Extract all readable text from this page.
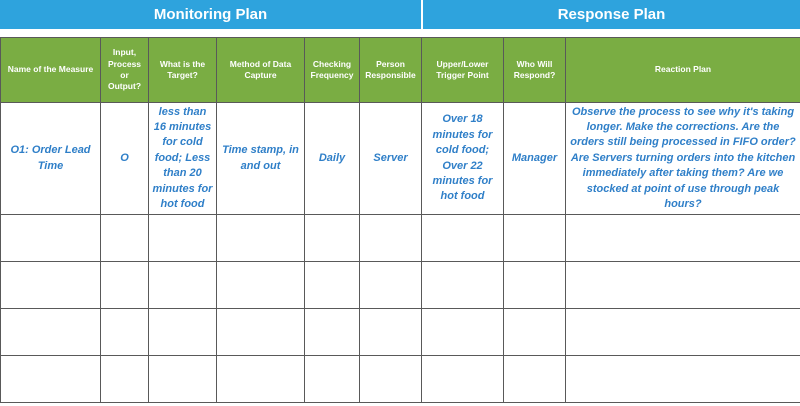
Monitoring Plan	Response Plan
Name of the Measure	Input, Process or Output?	What is the Target?	Method of Data Capture	Checking Frequency	Person Responsible	Upper/Lower Trigger Point	Who Will Respond?	Reaction Plan
O1: Order Lead Time	O	less than 16 minutes for cold food; Less than 20 minutes for hot food	Time stamp, in and out	Daily	Server	Over 18 minutes for cold food; Over 22 minutes for hot food	Manager	Observe the process to see why it's taking longer. Make the corrections. Are the orders still being processed in FIFO order? Are Servers turning orders into the kitchen immediately after taking them? Are we stocked at point of use through peak hours?
